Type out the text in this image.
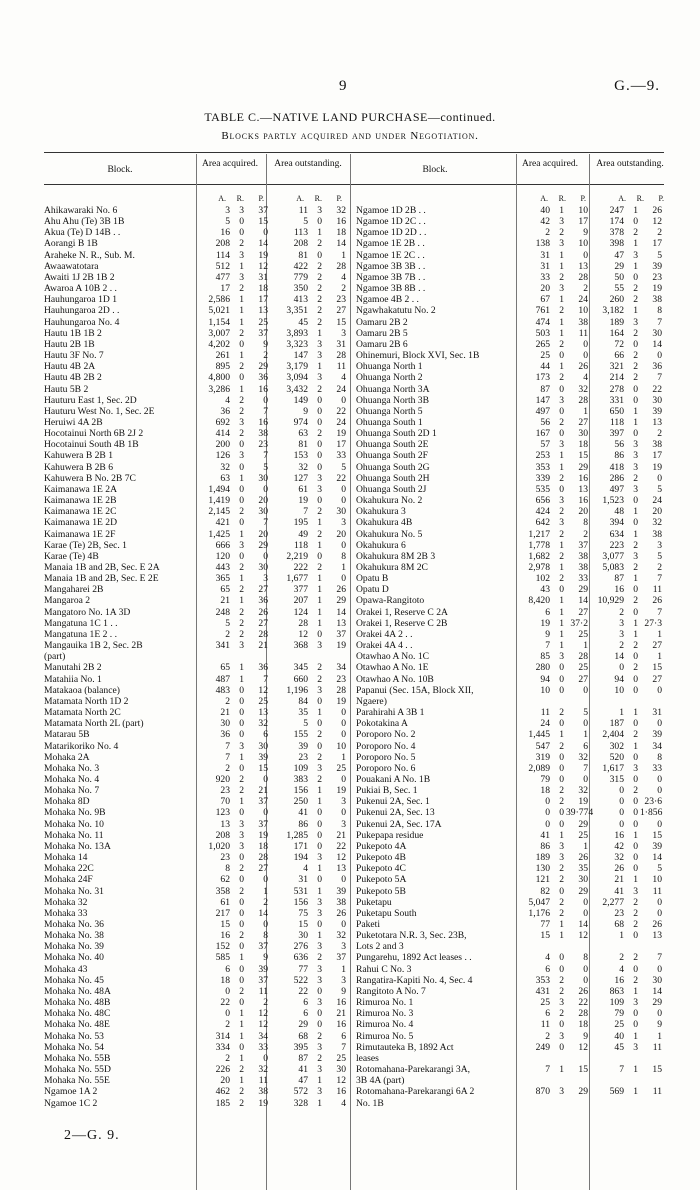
9	G.—9.
TABLE C.—NATIVE LAND PURCHASE—continued.
Blocks partly acquired and under Negotiation.
Block.
Area acquired. Area outstanding.
Block.
Area acquired. Area outstanding.
A.	R.	P.	A.	R.	P.	A.	R.	P.	A.	R.	P.
Ahikawaraki No. 6	3 3	37	11 3	32
Ahu Ahu (Te) 3B 1B	5 0	15	5 0	16
Akua (Te) D 14B . .	16 0	0	113 1	18
Aorangi B 1B	208 2	14	208 2	14
Araheke N. R., Sub. M.	114 3	19	81 0	1
Awaawatotara	512 1	12	422 2	28
Awaiti 1J 2B 1B 2	477 3	31	779 2	4
Awaroa A 10B 2 . .	17 2	18	350 2	2
Hauhungaroa 1D 1	2,586 1	17	413 2	23
Hauhungaroa 2D . .	5,021 1	13	3,351 2	27
Hauhungaroa No. 4	1,154 1	25	45 2	15
Hautu 1B 1B 2	3,007 2	37	3,893 1	3
Hautu 2B 1B	4,202 0	9	3,323 3	31
Hautu 3F No. 7	261 1	2	147 3	28
Hautu 4B 2A	895 2	29	3,179 1	11
Hautu 4B 2B 2	4,800 0	36	3,094 3	4
Hautu 5B 2	3,286 1	16	3,432 2	24
Hauturu East 1, Sec. 2D	4 2	0	149 0	0
Hauturu West No. 1, Sec. 2E	36 2	7	9 0	22
Heruiwi 4A 2B	692 3	16	974 0	24
Hocotainui North 6B 2J 2	414 2	38	63 2	19
Hocotainui South 4B 1B	200 0	23	81 0	17
Kahuwera B 2B 1	126 3	7	153 0	33
Kahuwera B 2B 6	32 0	5	32 0	5
Kahuwera B No. 2B 7C	63 1	30	127 3	22
Kaimanawa 1E 2A	1,494 0	0	61 3	0
Kaimanawa 1E 2B	1,419 0	20	19 0	0
Kaimanawa 1E 2C	2,145 2	30	7 2	30
Kaimanawa 1E 2D	421 0	7	195 1	3
Kaimanawa 1E 2F	1,425 1	20	49 2	20
Karae (Te) 2B, Sec. 1	666 3	29	118 1	0
Karae (Te) 4B	120 0	0	2,219 0	8
Manaia 1B and 2B, Sec. E 2A	443 2	30	222 2	1
Manaia 1B and 2B, Sec. E 2E	365 1	3	1,677 1	0
Mangaharei 2B	65 2	27	377 1	26
Mangaroa 2	21 1	36	207 1	29
Mangatoro No. 1A 3D	248 2	26	124 1	14
Mangatuna 1C 1 . .	5 2	27	28 1	13
Mangatuna 1E 2 . .	2 2	28	12 0	37
Mangauika 1B 2, Sec. 2B	341 3	21	368 3	19
(part)
Manutahi 2B 2	65 1	36	345 2	34
Matahiia No. 1	487 1	7	660 2	23
Matakaoa (balance)	483 0	12	1,196 3	28
Matamata North 1D 2	2 0	25	84 0	19
Matamata North 2C	21 0	13	35 1	0
Matamata North 2L (part)	30 0	32	5 0	0
Matarau 5B	36 0	6	155 2	0
Matarikoriko No. 4	7 3	30	39 0	10
Mohaka 2A	7 1	39	23 2	1
Mohaka No. 3	2 0	15	109 3	25
Mohaka No. 4	920 2	0	383 2	0
Mohaka No. 7	23 2	21	156 1	19
Mohaka 8D	70 1	37	250 1	3
Mohaka No. 9B	123 0	0	41 0	0
Mohaka No. 10	13 3	37	86 0	3
Mohaka No. 11	208 3	19	1,285 0	21
Mohaka No. 13A	1,020 3	18	171 0	22
Mohaka 14	23 0	28	194 3	12
Mohaka 22C	8 2	27	4 1	13
Mohaka 24F	62 0	0	31 0	0
Mohaka No. 31	358 2	1	531 1	39
Mohaka 32	61 0	2	156 3	38
Mohaka 33	217 0	14	75 3	26
Mohaka No. 36	15 0	0	15 0	0
Mohaka No. 38	16 2	8	30 1	32
Mohaka No. 39	152 0	37	276 3	3
Mohaka No. 40	585 1	9	636 2	37
Mohaka 43	6 0	39	77 3	1
Mohaka No. 45	18 0	37	522 3	3
Mohaka No. 48A	0 2	11	22 0	9
Mohaka No. 48B	22 0	2	6 3	16
Mohaka No. 48C	0 1	12	6 0	21
Mohaka No. 48E	2 1	12	29 0	16
Mohaka No. 53	314 1	34	68 2	6
Mohaka No. 54	334 0	33	395 3	7
Mohaka No. 55B	2 1	0	87 2	25
Mohaka No. 55D	226 2	32	41 3	30
Mohaka No. 55E	20 1	11	47 1	12
Ngamoe 1A 2	462 2	38	572 3	16
Ngamoe 1C 2	185 2	19	328 1	4
Ngamoe 1D 2B . .	40 1	10	247 1	26
Ngamoe 1D 2C . .	42 3	17	174 0	12
Ngamoe 1D 2D . .	2 2	9	378 2	2
Ngamoe 1E 2B . .	138 3	10	398 1	17
Ngamoe 1E 2C . .	31 1	0	47 3	5
Ngamoe 3B 3B . .	31 1	13	29 1	39
Ngamoe 3B 7B . .	33 2	28	50 0	23
Ngamoe 3B 8B . .	20 3	2	55 2	19
Ngamoe 4B 2 . .	67 1	24	260 2	38
Ngawhakatutu No. 2	761 2	10	3,182 1	8
Oamaru 2B 2	474 1	38	189 3	7
Oamaru 2B 5	503 1	11	164 2	30
Oamaru 2B 6	265 2	0	72 0	14
Ohinemuri, Block XVI, Sec. 1B	25 0	0	66 2	0
Ohuanga North 1	44 1	26	321 2	36
Ohuanga North 2	173 2	4	214 2	7
Ohuanga North 3A	87 0	32	278 0	22
Ohuanga North 3B	147 3	28	331 0	30
Ohuanga North 5	497 0	1	650 1	39
Ohuanga South 1	56 2	27	118 1	13
Ohuanga South 2D 1	167 0	30	397 0	2
Ohuanga South 2E	57 3	18	56 3	38
Ohuanga South 2F	253 1	15	86 3	17
Ohuanga South 2G	353 1	29	418 3	19
Ohuanga South 2H	339 2	16	286 2	0
Ohuanga South 2J	535 0	13	497 3	5
Okahukura No. 2	656 3	16	1,523 0	24
Okahukura 3	424 2	20	48 1	20
Okahukura 4B	642 3	8	394 0	32
Okahukura No. 5	1,217 2	2	634 1	38
Okahukura 6	1,778 1	37	223 2	3
Okahukura 8M 2B 3	1,682 2	38	3,077 3	5
Okahukura 8M 2C	2,978 1	38	5,083 2	2
Opatu B	102 2	33	87 1	7
Opatu D	43 0	29	16 0	11
Opawa-Rangitoto	8,420 1	14	10,929 2	26
Orakei 1, Reserve C 2A	6 1	27	2 0	7
Orakei 1, Reserve C 2B	19 1 37·2	3 1 27·3
Orakei 4A 2 . .	9 1	25	3 1	1
Orakei 4A 4 . .	7 1	1	2 2	27
Otawhao A No. 1C	85 3	28	14 0	1
Otawhao A No. 1E	280 0	25	0 2	15
Otawhao A No. 10B	94 0	27	94 0	27
Papanui (Sec. 15A, Block XII,	10 0	0	10 0	0
Ngaere)
Parahirahi A 3B 1	11 2	5	1 1	31
Pokotakina A	24 0	0	187 0	0
Poroporo No. 2	1,445 1	1	2,404 2	39
Poroporo No. 4	547 2	6	302 1	34
Poroporo No. 5	319 0	32	520 0	8
Poroporo No. 6	2,089 0	7	1,617 3	33
Pouakani A No. 1B	79 0	0	315 0	0
Pukiai B, Sec. 1	18 2	32	0 2	0
Pukenui 2A, Sec. 1	0 2	19	0 0 23·6
Pukenui 2A, Sec. 13	0 0 39·774	0 0 1·856
Pukenui 2A, Sec. 17A	0 0	29	0 0	0
Pukepapa residue	41 1	25	16 1	15
Pukepoto 4A	86 3	1	42 0	39
Pukepoto 4B	189 3	26	32 0	14
Pukepoto 4C	130 2	35	26 0	5
Pukepoto 5A	121 2	30	21 1	10
Pukepoto 5B	82 0	29	41 3	11
Puketapu	5,047 2	0	2,277 2	0
Puketapu South	1,176 2	0	23 2	0
Paketi	77 1	14	68 2	26
Puketotara N.R. 3, Sec. 23B,	15 1	12	1 0	13
Lots 2 and 3
Pungarehu, 1892 Act leases . .	4 0	8	2 2	7
Rahui C No. 3	6 0	0	4 0	0
Rangatira-Kapiti No. 4, Sec. 4	353 2	0	16 2	30
Rangitoto A No. 7	431 2	26	863 1	14
Rimuroa No. 1	25 3	22	109 3	29
Rimuroa No. 3	6 2	28	79 0	0
Rimuroa No. 4	11 0	18	25 0	9
Rimuroa No. 5	2 3	9	40 1	1
Rimutauteka B, 1892 Act	249 0	12	45 3	11
leases
Rotomahana-Parekarangi 3A,	7 1	15	7 1	15
3B 4A (part)
Rotomahana-Parekarangi 6A 2	870 3	29	569 1	11
No. 1B
2—G. 9.
